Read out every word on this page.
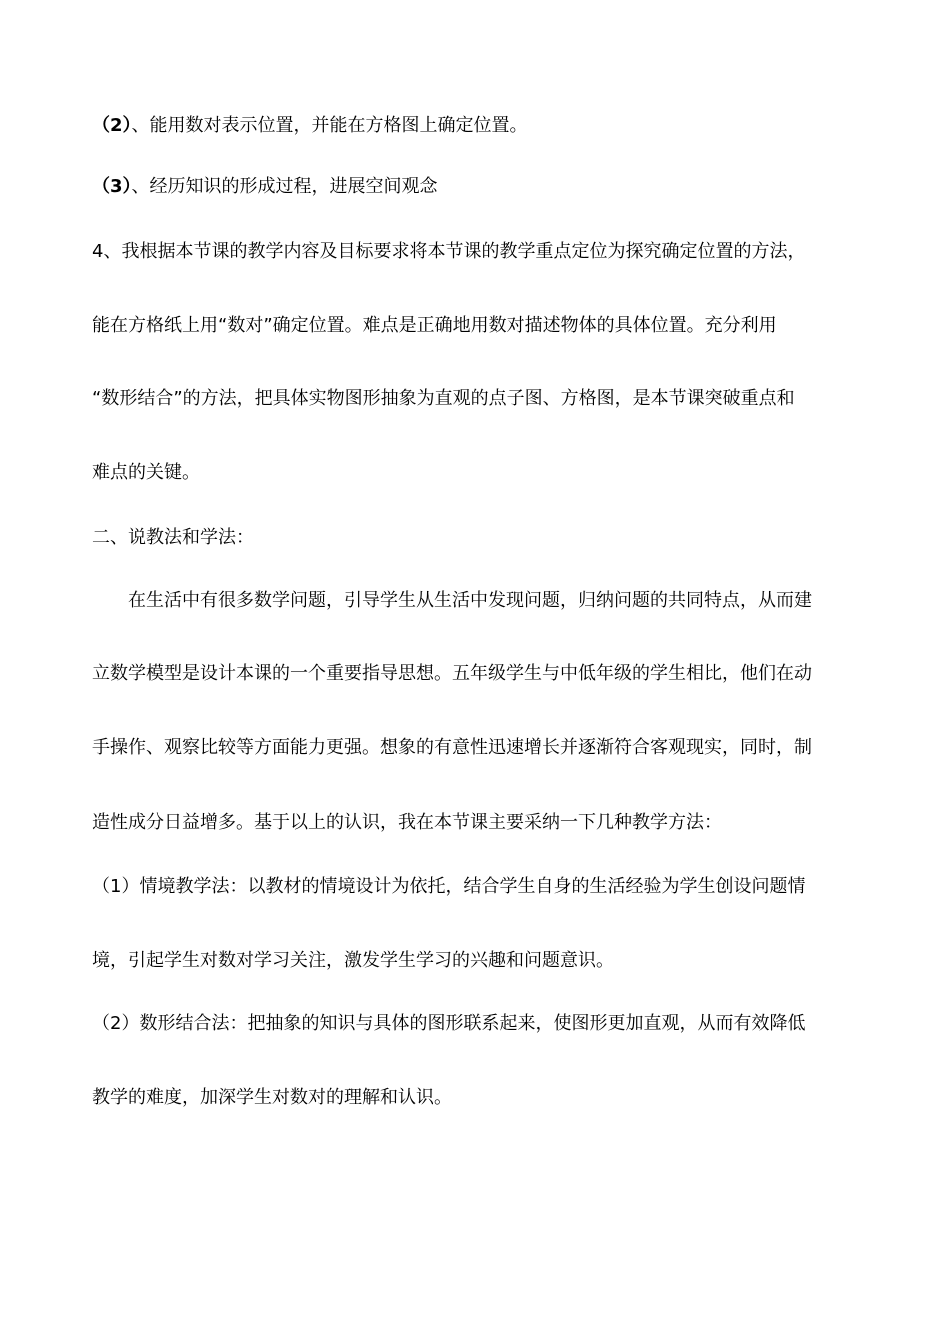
（2）、能用数对表示位置，并能在方格图上确定位置。
（3）、经历知识的形成过程，进展空间观念
4、我根据本节课的教学内容及目标要求将本节课的教学重点定位为探究确定位置的方法，
能在方格纸上用“数对”确定位置。难点是正确地用数对描述物体的具体位置。充分利用
“数形结合”的方法，把具体实物图形抽象为直观的点子图、方格图，是本节课突破重点和
难点的关键。
二、说教法和学法：
在生活中有很多数学问题，引导学生从生活中发现问题，归纳问题的共同特点，从而建
立数学模型是设计本课的一个重要指导思想。五年级学生与中低年级的学生相比，他们在动
手操作、观察比较等方面能力更强。想象的有意性迅速增长并逐渐符合客观现实，同时，制
造性成分日益增多。基于以上的认识，我在本节课主要采纳一下几种教学方法：
（1）情境教学法：以教材的情境设计为依托，结合学生自身的生活经验为学生创设问题情
境，引起学生对数对学习关注，激发学生学习的兴趣和问题意识。
（2）数形结合法：把抽象的知识与具体的图形联系起来，使图形更加直观，从而有效降低
教学的难度，加深学生对数对的理解和认识。
